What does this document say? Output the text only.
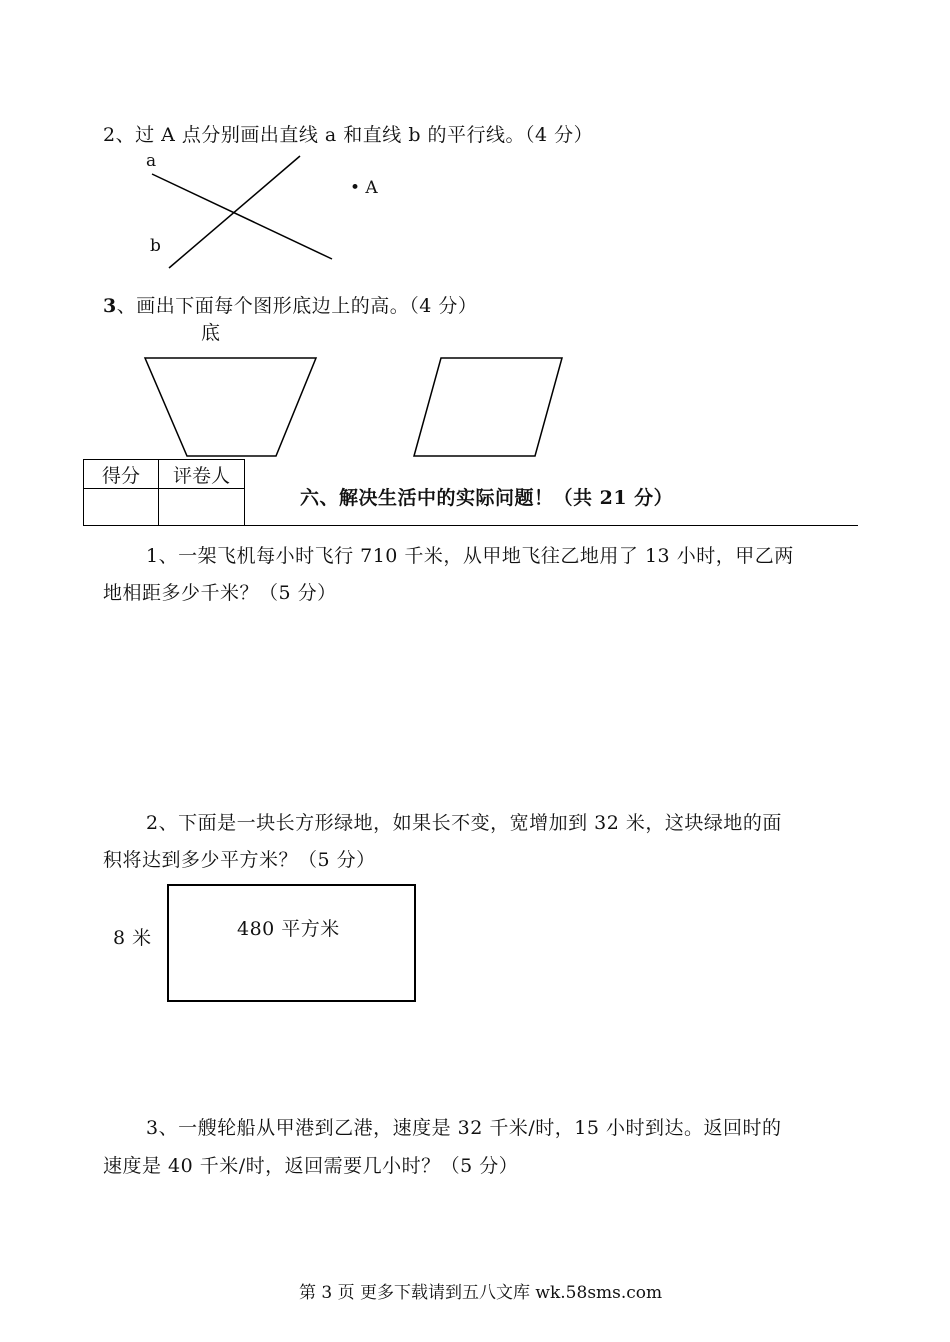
2、过 A 点分别画出直线 a 和直线 b 的平行线。（4 分）
a
b
• A
3、画出下面每个图形底边上的高。（4 分）
底
得分	评卷人

六、解决生活中的实际问题！（共 21 分）
1、一架飞机每小时飞行 710 千米，从甲地飞往乙地用了 13 小时，甲乙两
地相距多少千米？（5 分）
2、下面是一块长方形绿地，如果长不变，宽增加到 32 米，这块绿地的面
积将达到多少平方米？（5 分）
8 米	480 平方米
3、一艘轮船从甲港到乙港，速度是 32 千米/时，15 小时到达。返回时的
速度是 40 千米/时，返回需要几小时？（5 分）
第 3 页 更多下载请到五八文库 wk.58sms.com
